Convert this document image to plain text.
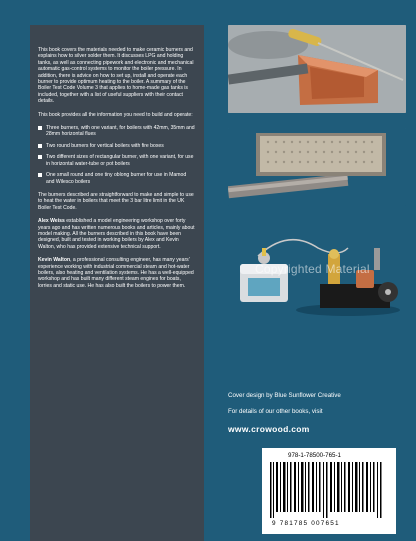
This book covers the materials needed to make ceramic burners and explains how to silver solder them. It discusses LPG and holding tanks, as well as connecting pipework and electronic and mechanical automatic gas-control systems to monitor the boiler pressure. In addition, there is advice on how to set up, install and operate each burner to provide optimum heating to the boiler. A summary of the Boiler Test Code Volume 3 that applies to home-made gas tanks is included, together with a list of useful suppliers with their contact details.

This book provides all the information you need to build and operate:

Three burners, with one variant, for boilers with 42mm, 35mm and 28mm horizontal flues
Two round burners for vertical boilers with fire boxes
Two different sizes of rectangular burner, with one variant, for use in horizontal water-tube or pot boilers
One small round and one tiny oblong burner for use in Mamod and Wilesco boilers

The burners described are straightforward to make and simple to use to heat the water in boilers that meet the 3 bar litre limit in the UK Boiler Test Code.

Alex Weiss established a model engineering workshop over forty years ago and has written numerous books and articles, mainly about model making. All the burners described in this book have been designed, built and tested in working boilers by Alex and Kevin Walton, who has provided extensive technical support.

Kevin Walton, a professional consulting engineer, has many years' experience working with industrial commercial steam and hot-water boilers, also heating and ventilation systems. He has a well-equipped workshop and has built many different steam engines for boats, lorries and static use. He has also built the boilers to power them.

Copyrighted Material
Cover design by Blue Sunflower Creative
For details of our other books, visit
www.crowood.com
978-1-78500-765-1
9 781785 007651
